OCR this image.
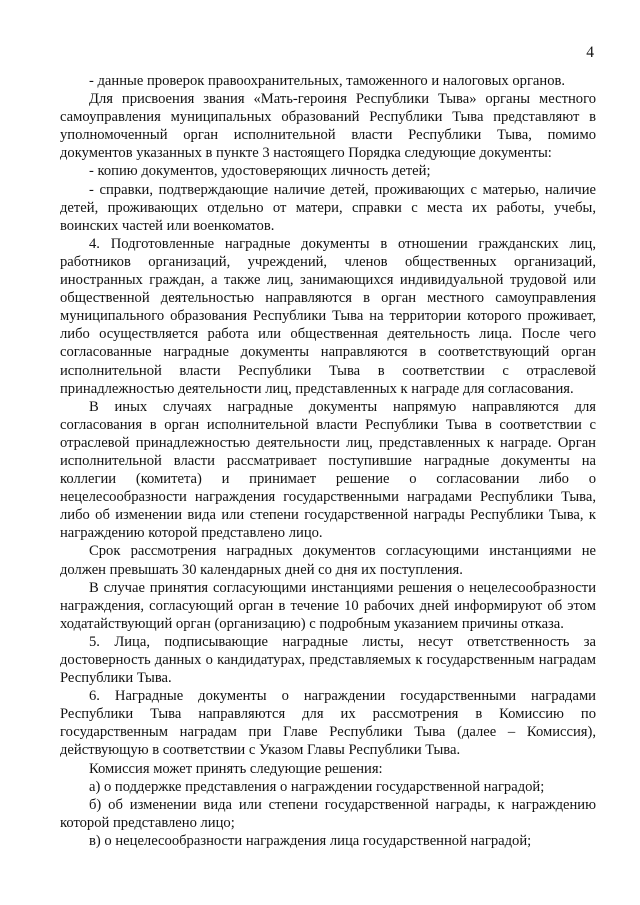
4

- данные проверок правоохранительных, таможенного и налоговых органов.

Для присвоения звания «Мать-героиня Республики Тыва» органы местного самоуправления муниципальных образований Республики Тыва представляют в уполномоченный орган исполнительной власти Республики Тыва, помимо документов указанных в пункте 3 настоящего Порядка следующие документы:

- копию документов, удостоверяющих личность детей;

- справки, подтверждающие наличие детей, проживающих с матерью, наличие детей, проживающих отдельно от матери, справки с места их работы, учебы, воинских частей или военкоматов.

4. Подготовленные наградные документы в отношении гражданских лиц, работников организаций, учреждений, членов общественных организаций, иностранных граждан, а также лиц, занимающихся индивидуальной трудовой или общественной деятельностью направляются в орган местного самоуправления муниципального образования Республики Тыва на территории которого проживает, либо осуществляется работа или общественная деятельность лица. После чего согласованные наградные документы направляются в соответствующий орган исполнительной власти Республики Тыва в соответствии с отраслевой принадлежностью деятельности лиц, представленных к награде для согласования.

В иных случаях наградные документы напрямую направляются для согласования в орган исполнительной власти Республики Тыва в соответствии с отраслевой принадлежностью деятельности лиц, представленных к награде. Орган исполнительной власти рассматривает поступившие наградные документы на коллегии (комитета) и принимает решение о согласовании либо о нецелесообразности награждения государственными наградами Республики Тыва, либо об изменении вида или степени государственной награды Республики Тыва, к награждению которой представлено лицо.

Срок рассмотрения наградных документов согласующими инстанциями не должен превышать 30 календарных дней со дня их поступления.

В случае принятия согласующими инстанциями решения о нецелесообразности награждения, согласующий орган в течение 10 рабочих дней информируют об этом ходатайствующий орган (организацию) с подробным указанием причины отказа.

5. Лица, подписывающие наградные листы, несут ответственность за достоверность данных о кандидатурах, представляемых к государственным наградам Республики Тыва.

6. Наградные документы о награждении государственными наградами Республики Тыва направляются для их рассмотрения в Комиссию по государственным наградам при Главе Республики Тыва (далее – Комиссия), действующую в соответствии с Указом Главы Республики Тыва.

Комиссия может принять следующие решения:

а) о поддержке представления о награждении государственной наградой;

б) об изменении вида или степени государственной награды, к награждению которой представлено лицо;

в) о нецелесообразности награждения лица государственной наградой;
